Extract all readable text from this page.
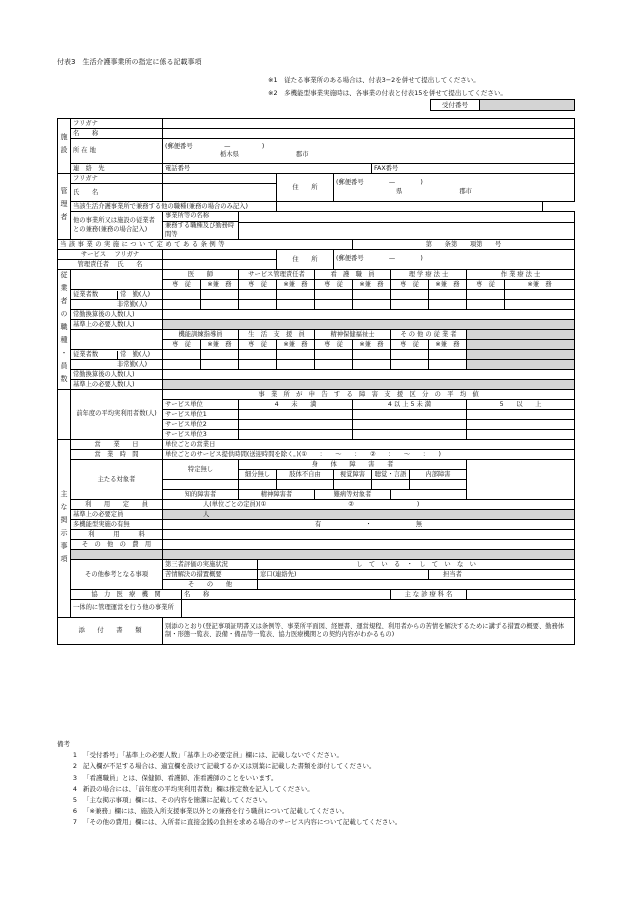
付表3　生活介護事業所の指定に係る記載事項
※1　従たる事業所のある場合は、付表3−2を併せて提出してください。
※2　多機能型事業実施時は、各事業の付表と付表15を併せて提出してください。
受付番号
施設	フリガナ															
	名　　称															
	所 在 地	(郵便番号　　　　　—　　　　　)
栃木県 郡市														

	連　絡　先	電話番号									FAX番号					
管理者	フリガナ						住　　所		(郵便番号　　　　—　　　　)
県 郡市							

	氏　　名															
	当該生活介護事業所で兼務する他の職種(兼務の場合のみ記入)															
	他の事業所又は施設の従業者との兼務(兼務の場合記入)	事業所等の名称
兼務する職種及び勤務時間等														

当該事業の実施について定めてある条例等										第　　条第　　項第　　号						
サービス　 フリガナ							住　　所		(郵便番号　　　　—　　　　)							

管理責任者　 氏　　名																
従業者の職種・員数		医　　師			サービス管理責任者			看　護　職　員				理 学 療 法 士			作 業 療 法 士	
		専　従		※兼　務	専　従		※兼　務	専　従		※兼　務		専　従		※兼　務	専　従	※兼　務

	従業者数 常　勤(人)															

	非常勤(人)															
	常勤換算後の人数(人)															
	基準上の必要人数(人)															
		機能訓練指導員			生　活　支　援　員			精神保健福祉士				そ の 他 の 従 業 者				
		専　従		※兼　務	専　従		※兼　務	専　従		※兼　務		専　従		※兼　務		

	従業者数 常　勤(人)															

	非常勤(人)															
	常勤換算後の人数(人)															
	基準上の必要人数(人)															
	前年度の平均実利用者数(人)	事　業　所　が　申　告　す　る　障　害　支　援　区　分　の　平　均　値														
		サービス単位			4　　未　　満					4 以 上 5 未 満					5　　以　　上	
		サービス単位1														
		サービス単位2														
		サービス単位3														
主な掲示事項	営　　業　　日	単位ごとの営業日														
	営　業　時　間	単位ごとのサービス提供時間(送迎時間を除く。)(①　　：　　〜　　：　　②　　：　　〜　　：　　)														
	主たる対象者	特定無し			身　　体　　障　　害　　者											
					細分無し		肢体不自由		視覚障害		聴覚・言語		内部障害			

		知的障害者			精神障害者			難病等対象者								
	利　　用　　定　　員	人(単位ごとの定員)(①　　　　　　　　　　　　　②　　　　　　　　　　)														
	基準上の必要定員	人														
	多機能型実施の有無	有　　　　　　　・　　　　　　　無														
	利　　　用　　　料															
	そ　の　他　の　費　用															

	その他参考となる事項	第三者評価の実施状況				し　て　い　る　・　し　て　い　な　い										
		苦情解決の措置概要				窓口(連絡先)								担当者		
		そ　　の　　他														
	協　力　医　療　機　関		名　　称									主 な 診 療 科 名				
	一体的に管理運営を行う他の事業所															
添　　付　　書　　類		別添のとおり(登記事項証明書又は条例等、事業所平面図、経歴書、運営規程、利用者からの苦情を解決するために講ずる措置の概要、勤務体制・形態一覧表、設備・備品等一覧表、協力医療機関との契約内容がわかるもの)														
備考
1 「受付番号」「基準上の必要人数」「基準上の必要定員」欄には、記載しないでください。
2 記入欄が不足する場合は、適宜欄を設けて記載するか又は別葉に記載した書類を添付してください。
3 「看護職員」とは、保健師、看護師、准看護師のことをいいます。
4 新設の場合には、「前年度の平均実利用者数」欄は推定数を記入してください。
5 「主な掲示事項」欄には、その内容を簡潔に記載してください。
6 「※兼務」欄には、施設入所支援事業以外との兼務を行う職員について記載してください。
7 「その他の費用」欄には、入所者に直接金銭の負担を求める場合のサービス内容について記載してください。
